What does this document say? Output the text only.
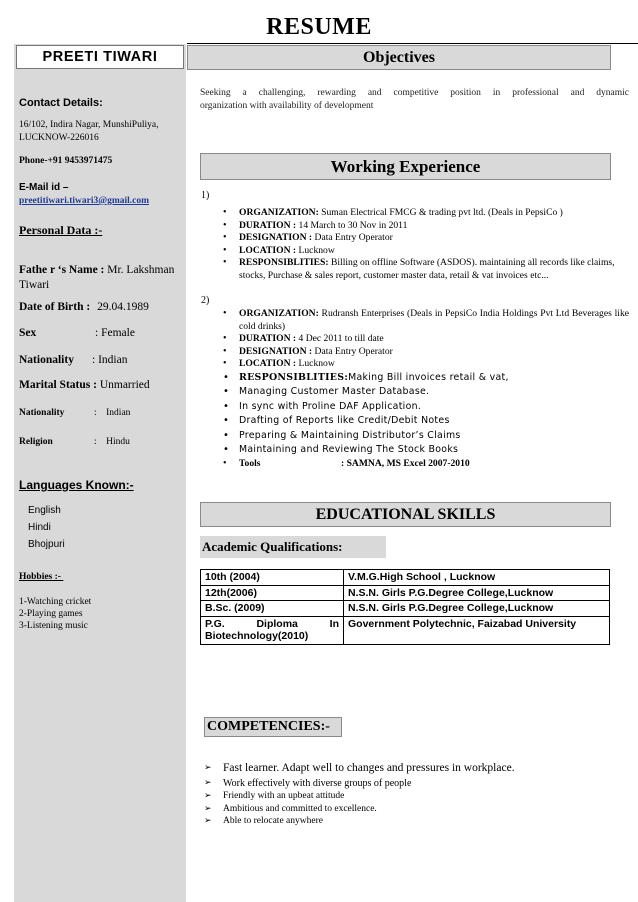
RESUME
PREETI TIWARI
Contact Details:
16/102, Indira Nagar, MunshiPuliya,
LUCKNOW-226016
Phone-+91 9453971475
E-Mail id –
preetitiwari.tiwari3@gmail.com
Personal Data :-
Fathe r ‘s Name : Mr. Lakshman
Tiwari
Date of Birth : 29.04.1989
Sex	: Female
Nationality : Indian
Marital Status : Unmarried
Nationality	:    Indian
Religion	:    Hindu
Languages Known:-
English
Hindi
Bhojpuri
Hobbies :-
1-Watching cricket
2-Playing games
3-Listening music
Objectives
Seeking a challenging, rewarding and competitive position in professional and dynamic
organization with availability of development
Working Experience
1)
• ORGANIZATION: Suman Electrical FMCG & trading pvt ltd. (Deals in PepsiCo )
• DURATION : 14 March to 30 Nov in 2011
• DESIGNATION : Data Entry Operator
• LOCATION : Lucknow
• RESPONSIBLITIES: Billing on offline Software (ASDOS). maintaining all records like claims, stocks, Purchase & sales report, customer master data, retail & vat invoices etc...
2)
• ORGANIZATION: Rudransh Enterprises (Deals in PepsiCo India Holdings Pvt Ltd Beverages like cold drinks)
• DURATION : 4 Dec 2011 to till date
• DESIGNATION : Data Entry Operator
• LOCATION : Lucknow
• RESPONSIBLITIES:Making Bill invoices retail & vat,
• Managing Customer Master Database.
• In sync with Proline DAF Application.
• Drafting of Reports like Credit/Debit Notes
• Preparing & Maintaining Distributor’s Claims
• Maintaining and Reviewing The Stock Books
• Tools	: SAMNA, MS Excel 2007-2010
EDUCATIONAL SKILLS
Academic Qualifications:
10th (2004)	V.M.G.High School , Lucknow
12th(2006)	N.S.N. Girls P.G.Degree College,Lucknow
B.Sc. (2009)	N.S.N. Girls P.G.Degree College,Lucknow
P.G. Diploma In Biotechnology(2010)	Government Polytechnic, Faizabad University
COMPETENCIES:-
➢ Fast learner. Adapt well to changes and pressures in workplace.
➢ Work effectively with diverse groups of people
➢ Friendly with an upbeat attitude
➢ Ambitious and committed to excellence.
➢ Able to relocate anywhere
